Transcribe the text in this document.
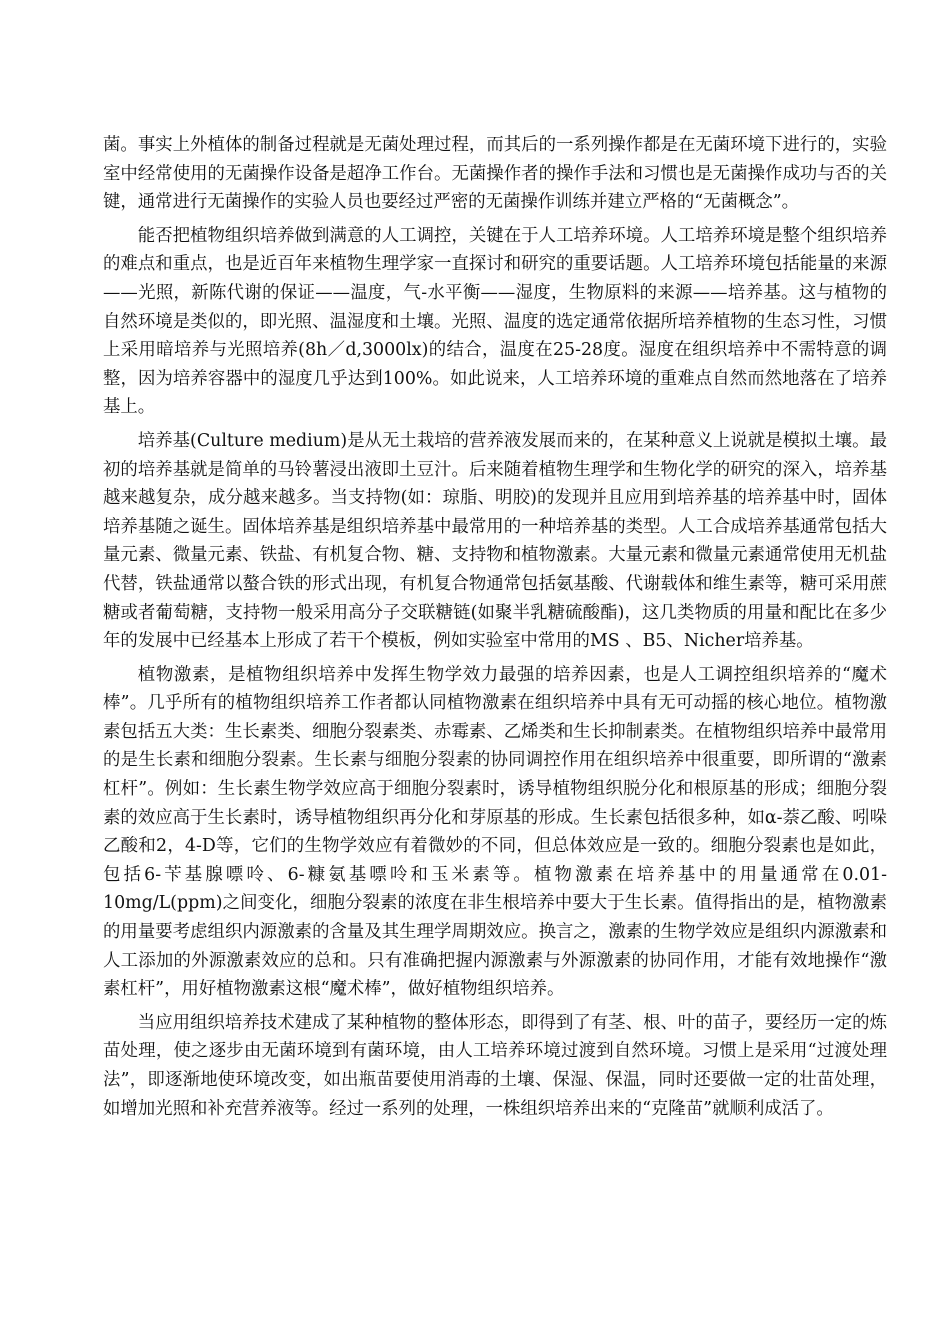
菌。事实上外植体的制备过程就是无菌处理过程，而其后的一系列操作都是在无菌环境下进行的，实验室中经常使用的无菌操作设备是超净工作台。无菌操作者的操作手法和习惯也是无菌操作成功与否的关键，通常进行无菌操作的实验人员也要经过严密的无菌操作训练并建立严格的“无菌概念”。

能否把植物组织培养做到满意的人工调控，关键在于人工培养环境。人工培养环境是整个组织培养的难点和重点，也是近百年来植物生理学家一直探讨和研究的重要话题。人工培养环境包括能量的来源——光照，新陈代谢的保证——温度，气-水平衡——湿度，生物原料的来源——培养基。这与植物的自然环境是类似的，即光照、温湿度和土壤。光照、温度的选定通常依据所培养植物的生态习性，习惯上采用暗培养与光照培养(8h／d,3000lx)的结合，温度在25-28度。湿度在组织培养中不需特意的调整，因为培养容器中的湿度几乎达到100%。如此说来，人工培养环境的重难点自然而然地落在了培养基上。

培养基(Culture medium)是从无土栽培的营养液发展而来的，在某种意义上说就是模拟土壤。最初的培养基就是简单的马铃薯浸出液即土豆汁。后来随着植物生理学和生物化学的研究的深入，培养基越来越复杂，成分越来越多。当支持物(如：琼脂、明胶)的发现并且应用到培养基的培养基中时，固体培养基随之诞生。固体培养基是组织培养基中最常用的一种培养基的类型。人工合成培养基通常包括大量元素、微量元素、铁盐、有机复合物、糖、支持物和植物激素。大量元素和微量元素通常使用无机盐代替，铁盐通常以螯合铁的形式出现，有机复合物通常包括氨基酸、代谢载体和维生素等，糖可采用蔗糖或者葡萄糖，支持物一般采用高分子交联糖链(如聚半乳糖硫酸酯)，这几类物质的用量和配比在多少年的发展中已经基本上形成了若干个模板，例如实验室中常用的MS 、B5、Nicher培养基。

植物激素，是植物组织培养中发挥生物学效力最强的培养因素，也是人工调控组织培养的“魔术棒”。几乎所有的植物组织培养工作者都认同植物激素在组织培养中具有无可动摇的核心地位。植物激素包括五大类：生长素类、细胞分裂素类、赤霉素、乙烯类和生长抑制素类。在植物组织培养中最常用的是生长素和细胞分裂素。生长素与细胞分裂素的协同调控作用在组织培养中很重要，即所谓的“激素杠杆”。例如：生长素生物学效应高于细胞分裂素时，诱导植物组织脱分化和根原基的形成；细胞分裂素的效应高于生长素时，诱导植物组织再分化和芽原基的形成。生长素包括很多种，如α-萘乙酸、吲哚乙酸和2，4-D等，它们的生物学效应有着微妙的不同，但总体效应是一致的。细胞分裂素也是如此，包括6-苄基腺嘌呤、6-糠氨基嘌呤和玉米素等。植物激素在培养基中的用量通常在0.01-10mg/L(ppm)之间变化，细胞分裂素的浓度在非生根培养中要大于生长素。值得指出的是，植物激素的用量要考虑组织内源激素的含量及其生理学周期效应。换言之，激素的生物学效应是组织内源激素和人工添加的外源激素效应的总和。只有准确把握内源激素与外源激素的协同作用，才能有效地操作“激素杠杆”，用好植物激素这根“魔术棒”，做好植物组织培养。

当应用组织培养技术建成了某种植物的整体形态，即得到了有茎、根、叶的苗子，要经历一定的炼苗处理，使之逐步由无菌环境到有菌环境，由人工培养环境过渡到自然环境。习惯上是采用“过渡处理法”，即逐渐地使环境改变，如出瓶苗要使用消毒的土壤、保湿、保温，同时还要做一定的壮苗处理，如增加光照和补充营养液等。经过一系列的处理，一株组织培养出来的“克隆苗”就顺利成活了。
